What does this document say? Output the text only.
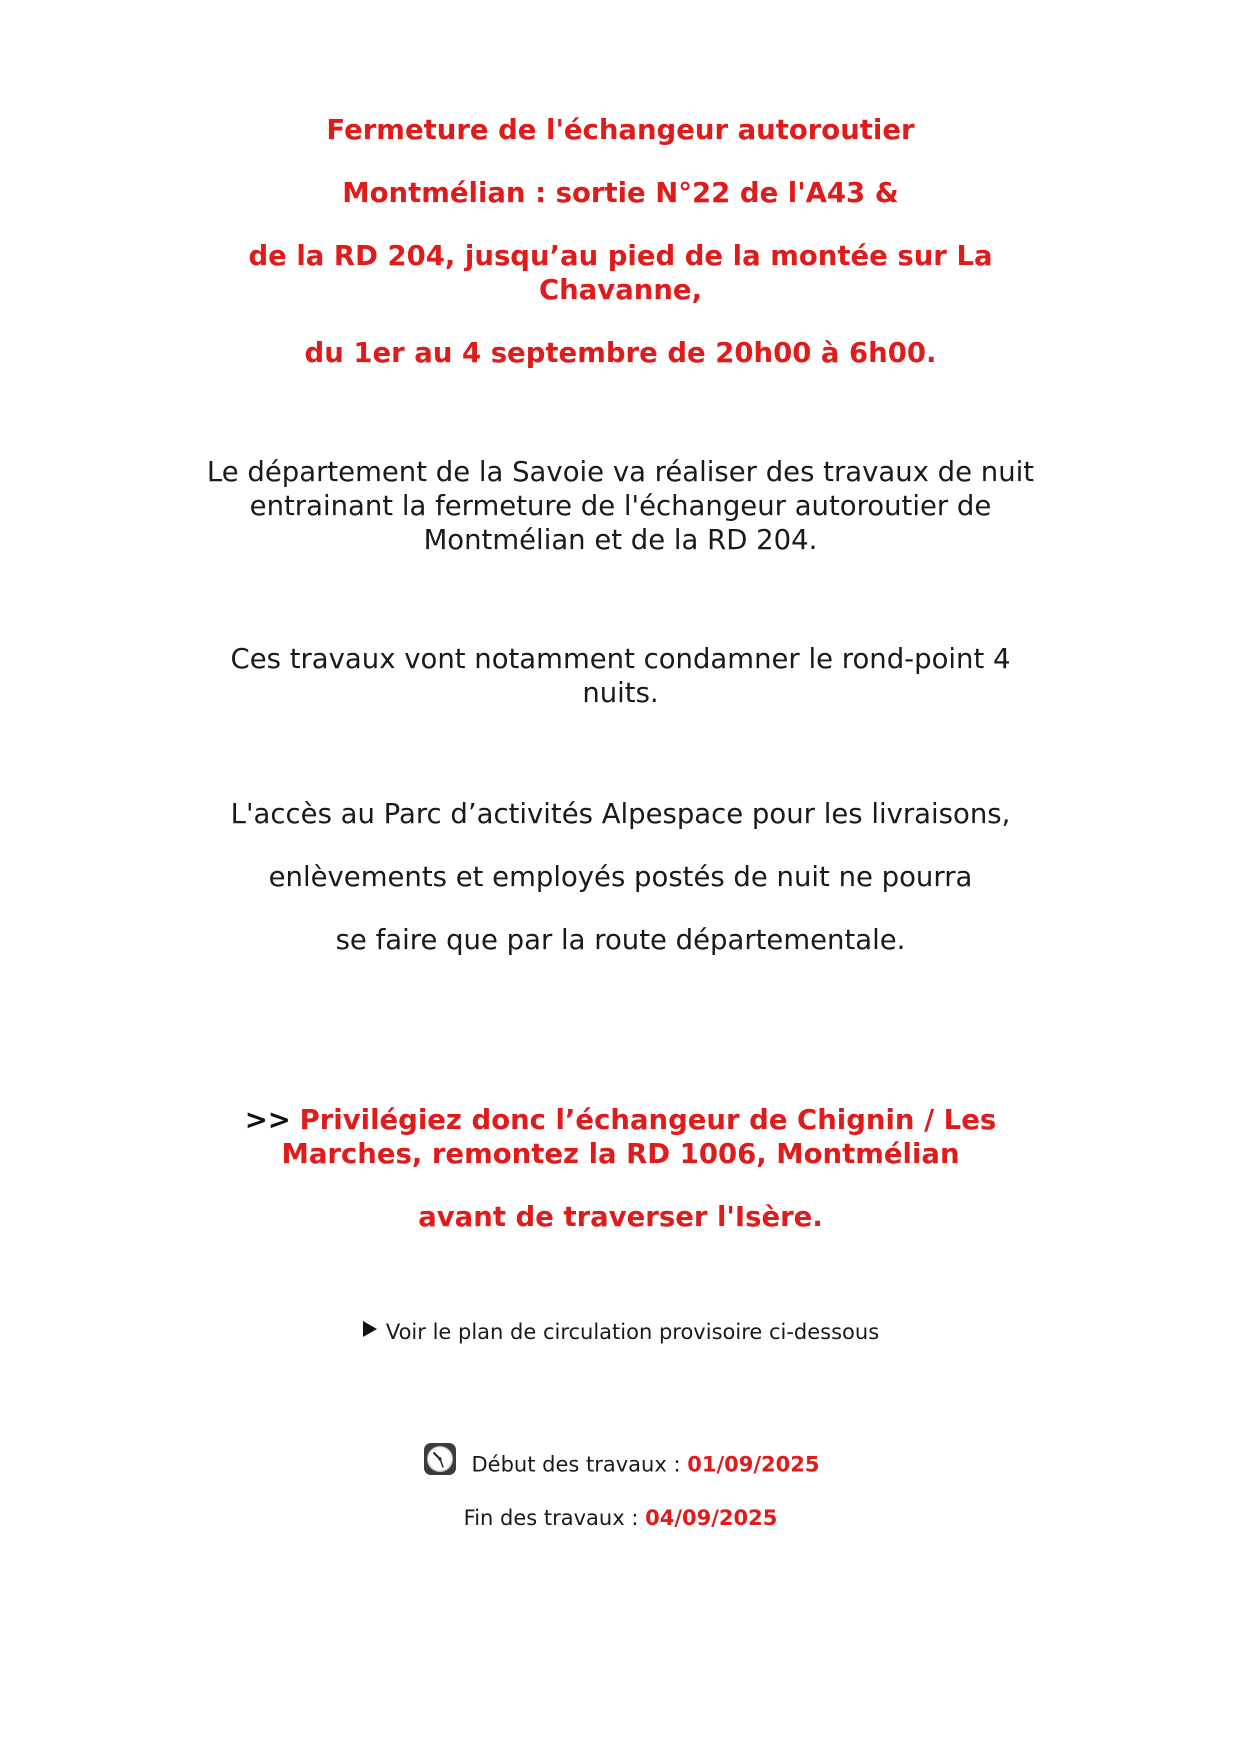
Fermeture de l'échangeur autoroutier
Montmélian : sortie N°22 de l'A43 &
de la RD 204, jusqu’au pied de la montée sur La
Chavanne,
du 1er au 4 septembre de 20h00 à 6h00.
Le département de la Savoie va réaliser des travaux de nuit
entrainant la fermeture de l'échangeur autoroutier de
Montmélian et de la RD 204.
Ces travaux vont notamment condamner le rond-point 4
nuits.
L'accès au Parc d’activités Alpespace pour les livraisons,
enlèvements et employés postés de nuit ne pourra
se faire que par la route départementale.
>> Privilégiez donc l’échangeur de Chignin / Les
Marches, remontez la RD 1006, Montmélian
avant de traverser l'Isère.
Voir le plan de circulation provisoire ci-dessous
Début des travaux : 01/09/2025
Fin des travaux : 04/09/2025
